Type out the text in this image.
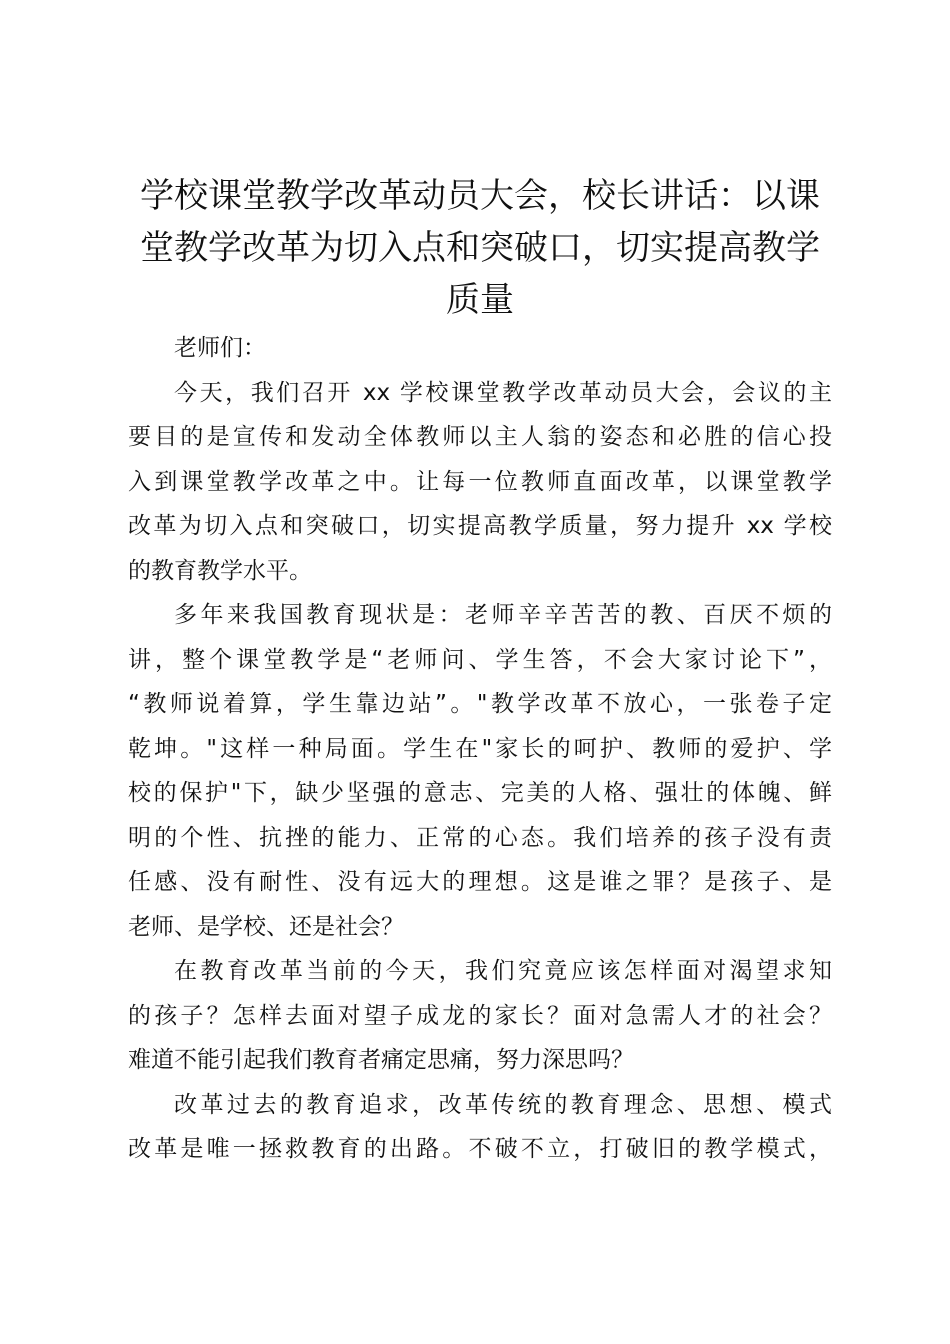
学校课堂教学改革动员大会，校长讲话：以课
堂教学改革为切入点和突破口，切实提高教学
质量
老师们：
今天，我们召开 xx 学校课堂教学改革动员大会，会议的主
要目的是宣传和发动全体教师以主人翁的姿态和必胜的信心投
入到课堂教学改革之中。让每一位教师直面改革，以课堂教学
改革为切入点和突破口，切实提高教学质量，努力提升 xx 学校
的教育教学水平。
多年来我国教育现状是：老师辛辛苦苦的教、百厌不烦的
讲，整个课堂教学是“老师问、学生答，不会大家讨论下”，
“教师说着算，学生靠边站”。"教学改革不放心，一张卷子定
乾坤。"这样一种局面。学生在"家长的呵护、教师的爱护、学
校的保护"下，缺少坚强的意志、完美的人格、强壮的体魄、鲜
明的个性、抗挫的能力、正常的心态。我们培养的孩子没有责
任感、没有耐性、没有远大的理想。这是谁之罪？是孩子、是
老师、是学校、还是社会？
在教育改革当前的今天，我们究竟应该怎样面对渴望求知
的孩子？怎样去面对望子成龙的家长？面对急需人才的社会？
难道不能引起我们教育者痛定思痛，努力深思吗？
改革过去的教育追求，改革传统的教育理念、思想、模式
改革是唯一拯救教育的出路。不破不立，打破旧的教学模式，
